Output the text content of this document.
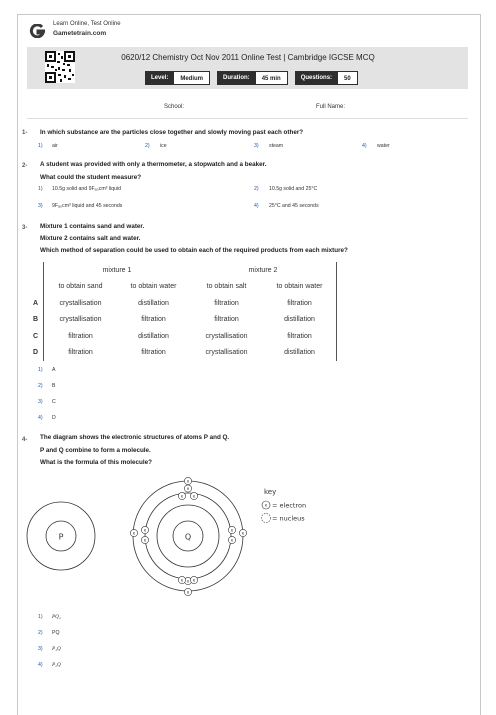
Learn Online, Test Online
Gametetrain.com
0620/12 Chemistry Oct Nov 2011 Online Test | Cambridge IGCSE MCQ
Level:	Medium	Duration:	45 min	Questions:	50
School:	Full Name:
1- In which substance are the particles close together and slowly moving past each other?
1) air	2) ice	3) steam	4) water
2- A student was provided with only a thermometer, a stopwatch and a beaker.
What could the student measure?
1) 10.5g solid and 9Fₐ₀cm³ liquid	2) 10.5g solid and 25°C
3) 9Fₐ₀cm³ liquid and 45 seconds	4) 25°C and 45 seconds
3- Mixture 1 contains sand and water.
Mixture 2 contains salt and water.
Which method of separation could be used to obtain each of the required products from each mixture?
	mixture 1		mixture 2	
	to obtain sand	to obtain water	to obtain salt	to obtain water
A	crystallisation	distillation	filtration	filtration
B	crystallisation	filtration	filtration	distillation
C	filtration	distillation	crystallisation	filtration
D	filtration	filtration	crystallisation	distillation
1) A
2) B
3) C
4) D
4- The diagram shows the electronic structures of atoms P and Q.
P and Q combine to form a molecule.
What is the formula of this molecule?
P	Q
e
e
e e
e
e
e e
e
e
e
e
e
e
key
e = electron
= nucleus
1) PQ₄
2) PQ
3) P₄Q
4) P₂Q
